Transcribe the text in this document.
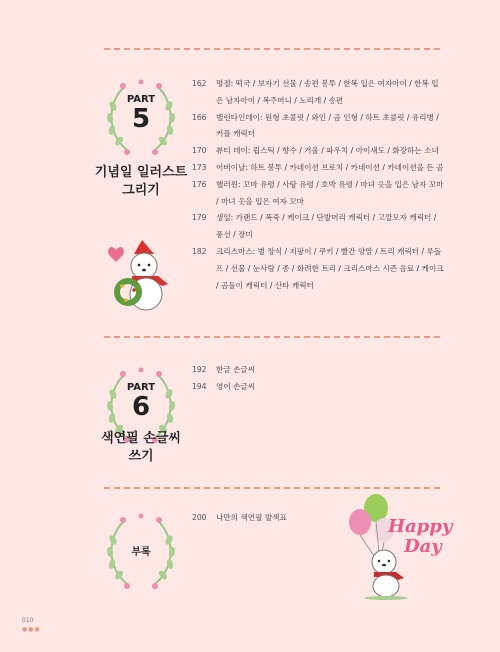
PART
5
기념일 일러스트
그리기
162	명절: 떡국 / 보자기 선물 / 송편 봉투 / 한복 입은 여자아이 / 한복 입은 남자아이 / 복주머니 / 노리개 / 송편
166	밸런타인데이: 원형 초콜릿 / 와인 / 곰 인형 / 하트 초콜릿 / 유리병 / 커플 캐릭터
170	뷰티 데이: 립스틱 / 향수 / 거울 / 파우치 / 아이섀도 / 화장하는 소녀
173	어버이날: 하트 봉투 / 카네이션 브로치 / 카네이션 / 카네이션을 든 곰
176	핼러윈: 꼬마 유령 / 사탕 유령 / 호박 유령 / 마녀 옷을 입은 남자 꼬마 / 마녀 옷을 입은 여자 꼬마
179	생일: 가랜드 / 폭죽 / 케이크 / 단발머리 캐릭터 / 고깔모자 캐릭터 / 풍선 / 장미
182	크리스마스: 별 장식 / 지팡이 / 쿠키 / 빨간 양말 / 트리 캐릭터 / 루돌프 / 선물 / 눈사람 / 종 / 화려한 트리 / 크리스마스 시즌 음료 / 케이크 / 곰돌이 캐릭터 / 산타 캐릭터
PART
6
색연필 손글씨
쓰기
192	한글 손글씨
194	영어 손글씨
부록
200	나만의 색연필 발색표	Happy
Day
010
●●●
